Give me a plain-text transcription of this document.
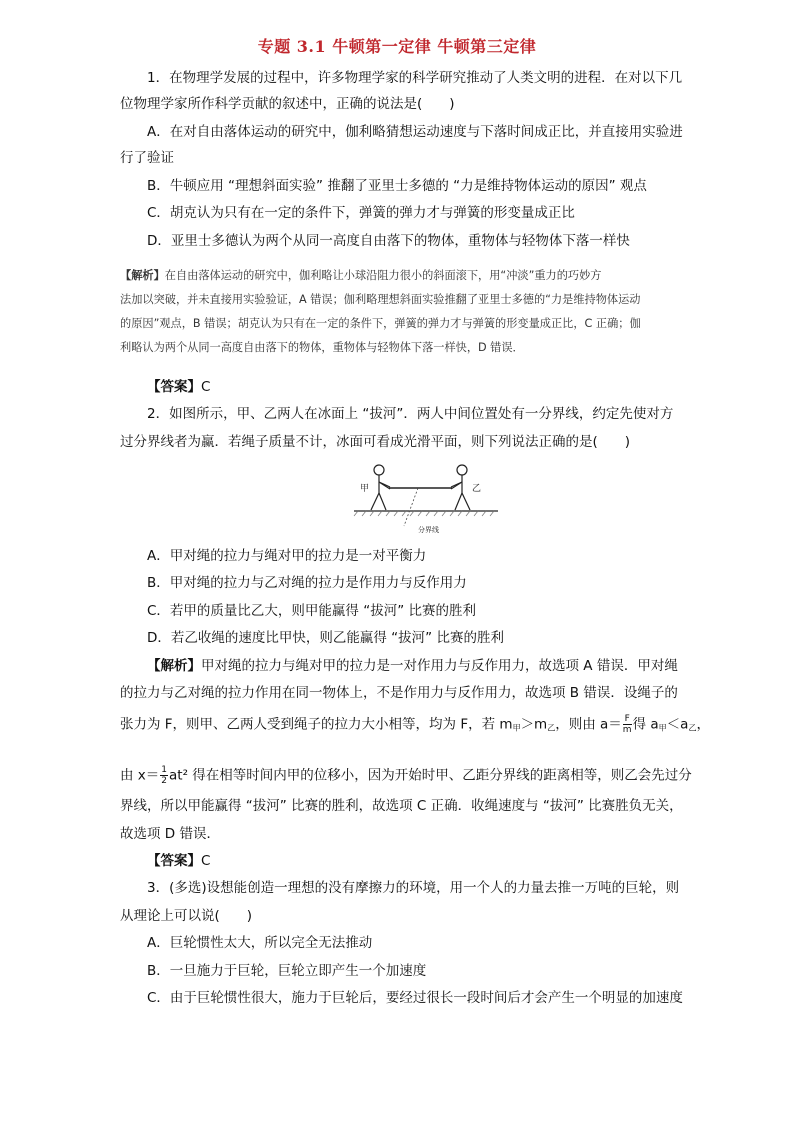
专题 3.1 牛顿第一定律 牛顿第三定律
1．在物理学发展的过程中，许多物理学家的科学研究推动了人类文明的进程．在对以下几
位物理学家所作科学贡献的叙述中，正确的说法是(　　)
A．在对自由落体运动的研究中，伽利略猜想运动速度与下落时间成正比，并直接用实验进
行了验证
B．牛顿应用 “理想斜面实验” 推翻了亚里士多德的 “力是维持物体运动的原因” 观点
C．胡克认为只有在一定的条件下，弹簧的弹力才与弹簧的形变量成正比
D．亚里士多德认为两个从同一高度自由落下的物体，重物体与轻物体下落一样快
【解析】在自由落体运动的研究中，伽利略让小球沿阻力很小的斜面滚下，用“冲淡”重力的巧妙方
法加以突破，并未直接用实验验证，A 错误；伽利略理想斜面实验推翻了亚里士多德的“力是维持物体运动
的原因”观点，B 错误；胡克认为只有在一定的条件下，弹簧的弹力才与弹簧的形变量成正比，C 正确；伽
利略认为两个从同一高度自由落下的物体，重物体与轻物体下落一样快，D 错误．
【答案】C
2．如图所示，甲、乙两人在冰面上 “拔河”．两人中间位置处有一分界线，约定先使对方
过分界线者为赢．若绳子质量不计，冰面可看成光滑平面，则下列说法正确的是(　　)
甲	乙
分界线
A．甲对绳的拉力与绳对甲的拉力是一对平衡力
B．甲对绳的拉力与乙对绳的拉力是作用力与反作用力
C．若甲的质量比乙大，则甲能赢得 “拔河” 比赛的胜利
D．若乙收绳的速度比甲快，则乙能赢得 “拔河” 比赛的胜利
【解析】甲对绳的拉力与绳对甲的拉力是一对作用力与反作用力，故选项 A 错误．甲对绳
的拉力与乙对绳的拉力作用在同一物体上，不是作用力与反作用力，故选项 B 错误．设绳子的
张力为 F，则甲、乙两人受到绳子的拉力大小相等，均为 F，若 $m_甲>m_乙$，则由 $a= \frac{F}{m}$ 得 $a_甲<a_乙$，
由 $x= \frac{1}{2} at^2$ 得在相等时间内甲的位移小，因为开始时甲、乙距分界线的距离相等，则乙会先过分
界线，所以甲能赢得 “拔河” 比赛的胜利，故选项 C 正确．收绳速度与 “拔河” 比赛胜负无关，
故选项 D 错误．
【答案】C
3．(多选)设想能创造一理想的没有摩擦力的环境，用一个人的力量去推一万吨的巨轮，则
从理论上可以说(　　)
A．巨轮惯性太大，所以完全无法推动
B．一旦施力于巨轮，巨轮立即产生一个加速度
C．由于巨轮惯性很大，施力于巨轮后，要经过很长一段时间后才会产生一个明显的加速度
